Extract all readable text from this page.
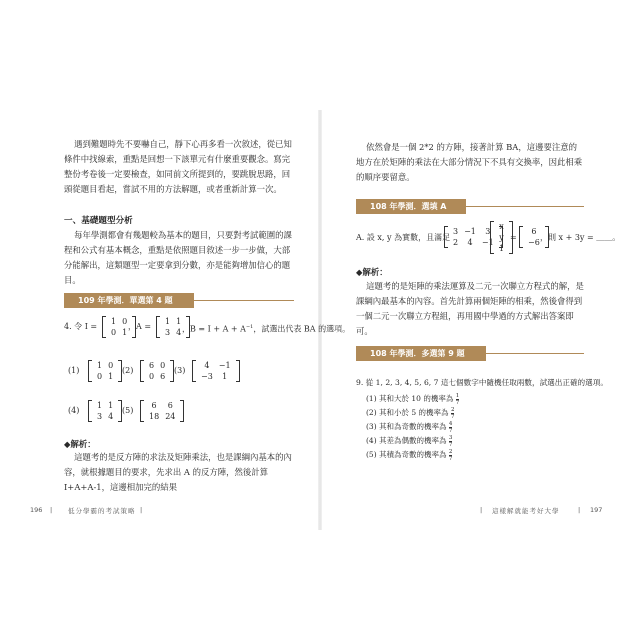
遇到難題時先不要嚇自己，靜下心再多看一次敘述，從已知條件中找線索，重點是回想一下該單元有什麼重要觀念。寫完整份考卷後一定要檢查，如同前文所提到的，要跳脫思路，回頭從題目看起，嘗試不用的方法解題，或者重新計算一次。

一、基礎題型分析

每年學測都會有幾題較為基本的題目，只要對考試範圍的課程和公式有基本概念，重點是依照題目敘述一步一步做，大部分能解出，這類題型一定要拿到分數，亦是能夠增加信心的題目。

109 年學測．單選第 4 題
4. 令 I =
1	0
0	1
，A =
1	1
3	4 ，$B = I + A + A^{-1}$，試選出代表 BA 的選項。
(1)
1	0
0	1
(2)
6	0
0	6
(3)
4	−1
−3	1
(4)
1	1
3	4
(5)
6	6
18	24
◆解析：

這題考的是反方陣的求法及矩陣乘法，也是課綱內基本的內容，就根據題目的要求，先求出 A 的反方陣，然後計算 I+A+A-1，這邊相加完的結果

196 | 低分學霸的考試策略 |

依然會是一個 2*2 的方陣，接著計算 BA，這邊要注意的地方在於矩陣的乘法在大部分情況下不具有交換率，因此相乘的順序要留意。

108 年學測．選填 A
A. 設 x, y 為實數，且滿足
3	−1	3
2	4	−1
x
y
1
=
6
−6
，則 x + 3y = ＿＿。
◆解析：

這題考的是矩陣的乘法運算及二元一次聯立方程式的解，是課綱內最基本的內容。首先計算兩個矩陣的相乘，然後會得到一個二元一次聯立方程組，再用國中學過的方式解出答案即可。

108 年學測．多選第 9 題
9. 從 1, 2, 3, 4, 5, 6, 7 這七個數字中隨機任取兩數，試選出正確的選項。
(1) 其和大於 10 的機率為 $\frac{1}{7}$
(2) 其和小於 5 的機率為 $\frac{2}{7}$
(3) 其和為奇數的機率為 $\frac{4}{7}$
(4) 其差為偶數的機率為 $\frac{3}{7}$
(5) 其積為奇數的機率為 $\frac{2}{7}$
| 這樣解就能考好大學	| 197
